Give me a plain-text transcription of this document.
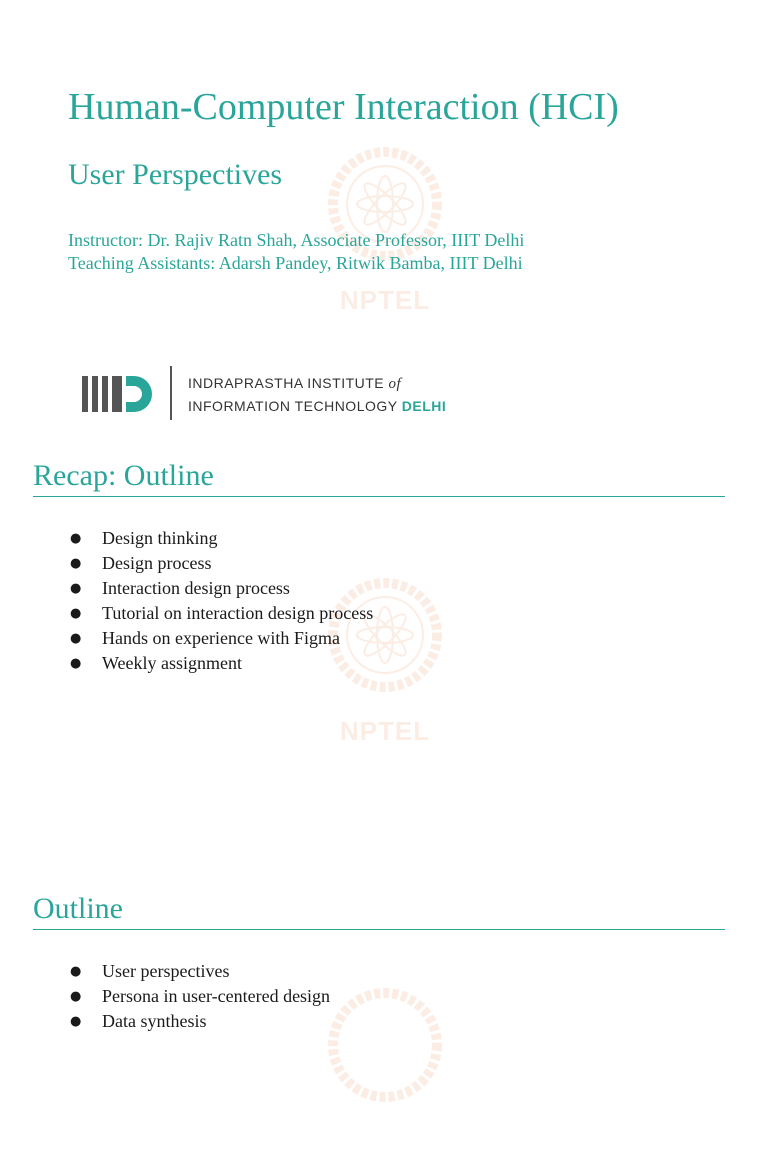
NPTEL
NPTEL
Human-Computer Interaction (HCI)
User Perspectives
Instructor: Dr. Rajiv Ratn Shah, Associate Professor, IIIT Delhi
Teaching Assistants: Adarsh Pandey, Ritwik Bamba, IIIT Delhi
INDRAPRASTHA INSTITUTE of
INFORMATION TECHNOLOGY DELHI
Recap: Outline
● Design thinking
● Design process
● Interaction design process
● Tutorial on interaction design process
● Hands on experience with Figma
● Weekly assignment
Outline
● User perspectives
● Persona in user-centered design
● Data synthesis
